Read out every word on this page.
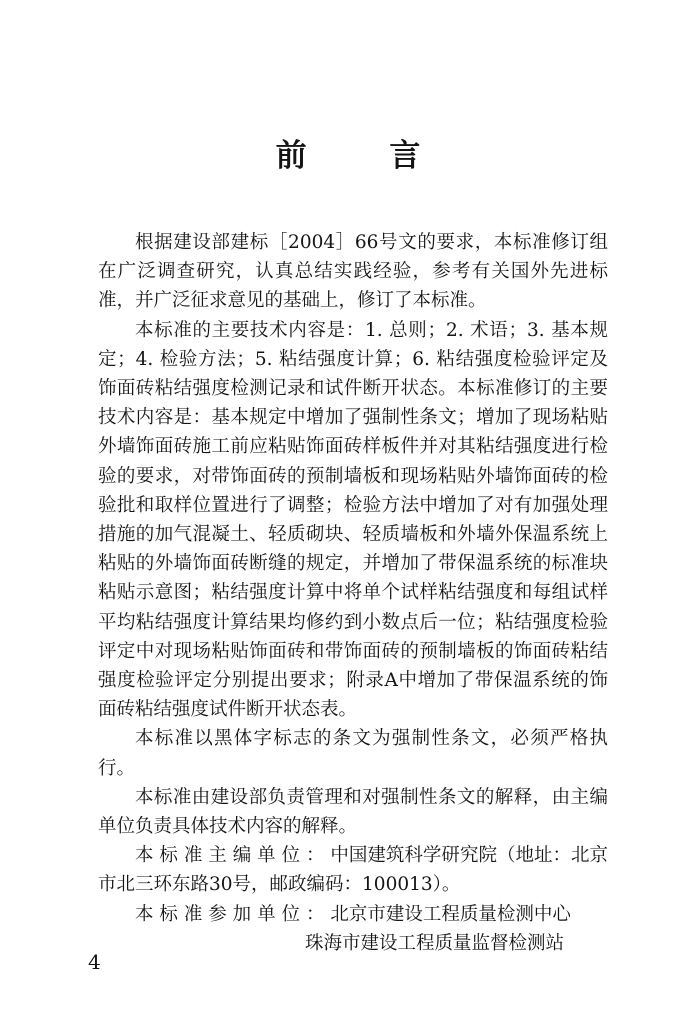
前 言

根据建设部建标［2004］66号文的要求，本标准修订组在广泛调查研究，认真总结实践经验，参考有关国外先进标准，并广泛征求意见的基础上，修订了本标准。

本标准的主要技术内容是：1. 总则；2. 术语；3. 基本规定；4. 检验方法；5. 粘结强度计算；6. 粘结强度检验评定及饰面砖粘结强度检测记录和试件断开状态。本标准修订的主要技术内容是：基本规定中增加了强制性条文；增加了现场粘贴外墙饰面砖施工前应粘贴饰面砖样板件并对其粘结强度进行检验的要求，对带饰面砖的预制墙板和现场粘贴外墙饰面砖的检验批和取样位置进行了调整；检验方法中增加了对有加强处理措施的加气混凝土、轻质砌块、轻质墙板和外墙外保温系统上粘贴的外墙饰面砖断缝的规定，并增加了带保温系统的标准块粘贴示意图；粘结强度计算中将单个试样粘结强度和每组试样平均粘结强度计算结果均修约到小数点后一位；粘结强度检验评定中对现场粘贴饰面砖和带饰面砖的预制墙板的饰面砖粘结强度检验评定分别提出要求；附录A中增加了带保温系统的饰面砖粘结强度试件断开状态表。

本标准以黑体字标志的条文为强制性条文，必须严格执行。

本标准由建设部负责管理和对强制性条文的解释，由主编单位负责具体技术内容的解释。

本标准主编单位：中国建筑科学研究院（地址：北京市北三环东路30号，邮政编码：100013）。

本标准参加单位：北京市建设工程质量检测中心

珠海市建设工程质量监督检测站

4
